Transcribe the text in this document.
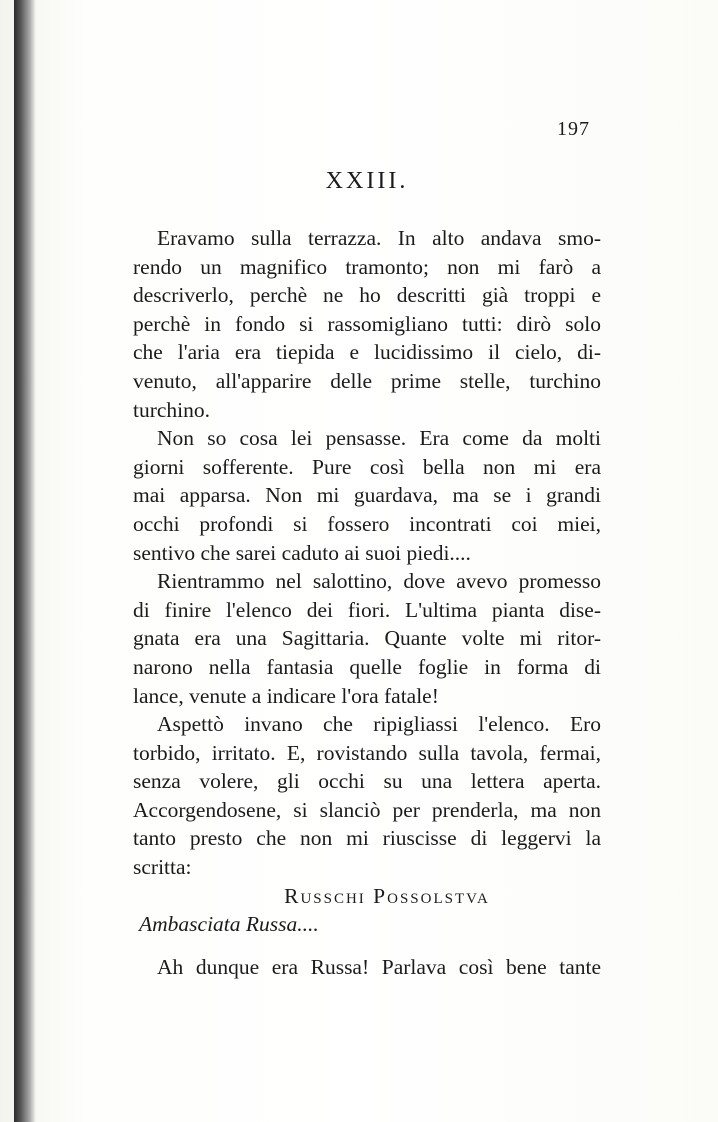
197
XXIII.
Eravamo sulla terrazza. In alto andava smo-
rendo un magnifico tramonto; non mi farò a
descriverlo, perchè ne ho descritti già troppi e
perchè in fondo si rassomigliano tutti: dirò solo
che l'aria era tiepida e lucidissimo il cielo, di-
venuto, all'apparire delle prime stelle, turchino
turchino.
Non so cosa lei pensasse. Era come da molti
giorni sofferente. Pure così bella non mi era
mai apparsa. Non mi guardava, ma se i grandi
occhi profondi si fossero incontrati coi miei,
sentivo che sarei caduto ai suoi piedi....
Rientrammo nel salottino, dove avevo promesso
di finire l'elenco dei fiori. L'ultima pianta dise-
gnata era una Sagittaria. Quante volte mi ritor-
narono nella fantasia quelle foglie in forma di
lance, venute a indicare l'ora fatale!
Aspettò invano che ripigliassi l'elenco. Ero
torbido, irritato. E, rovistando sulla tavola, fermai,
senza volere, gli occhi su una lettera aperta.
Accorgendosene, si slanciò per prenderla, ma non
tanto presto che non mi riuscisse di leggervi la
scritta:
Russchi Possolstva
Ambasciata Russa....
Ah dunque era Russa! Parlava così bene tante
